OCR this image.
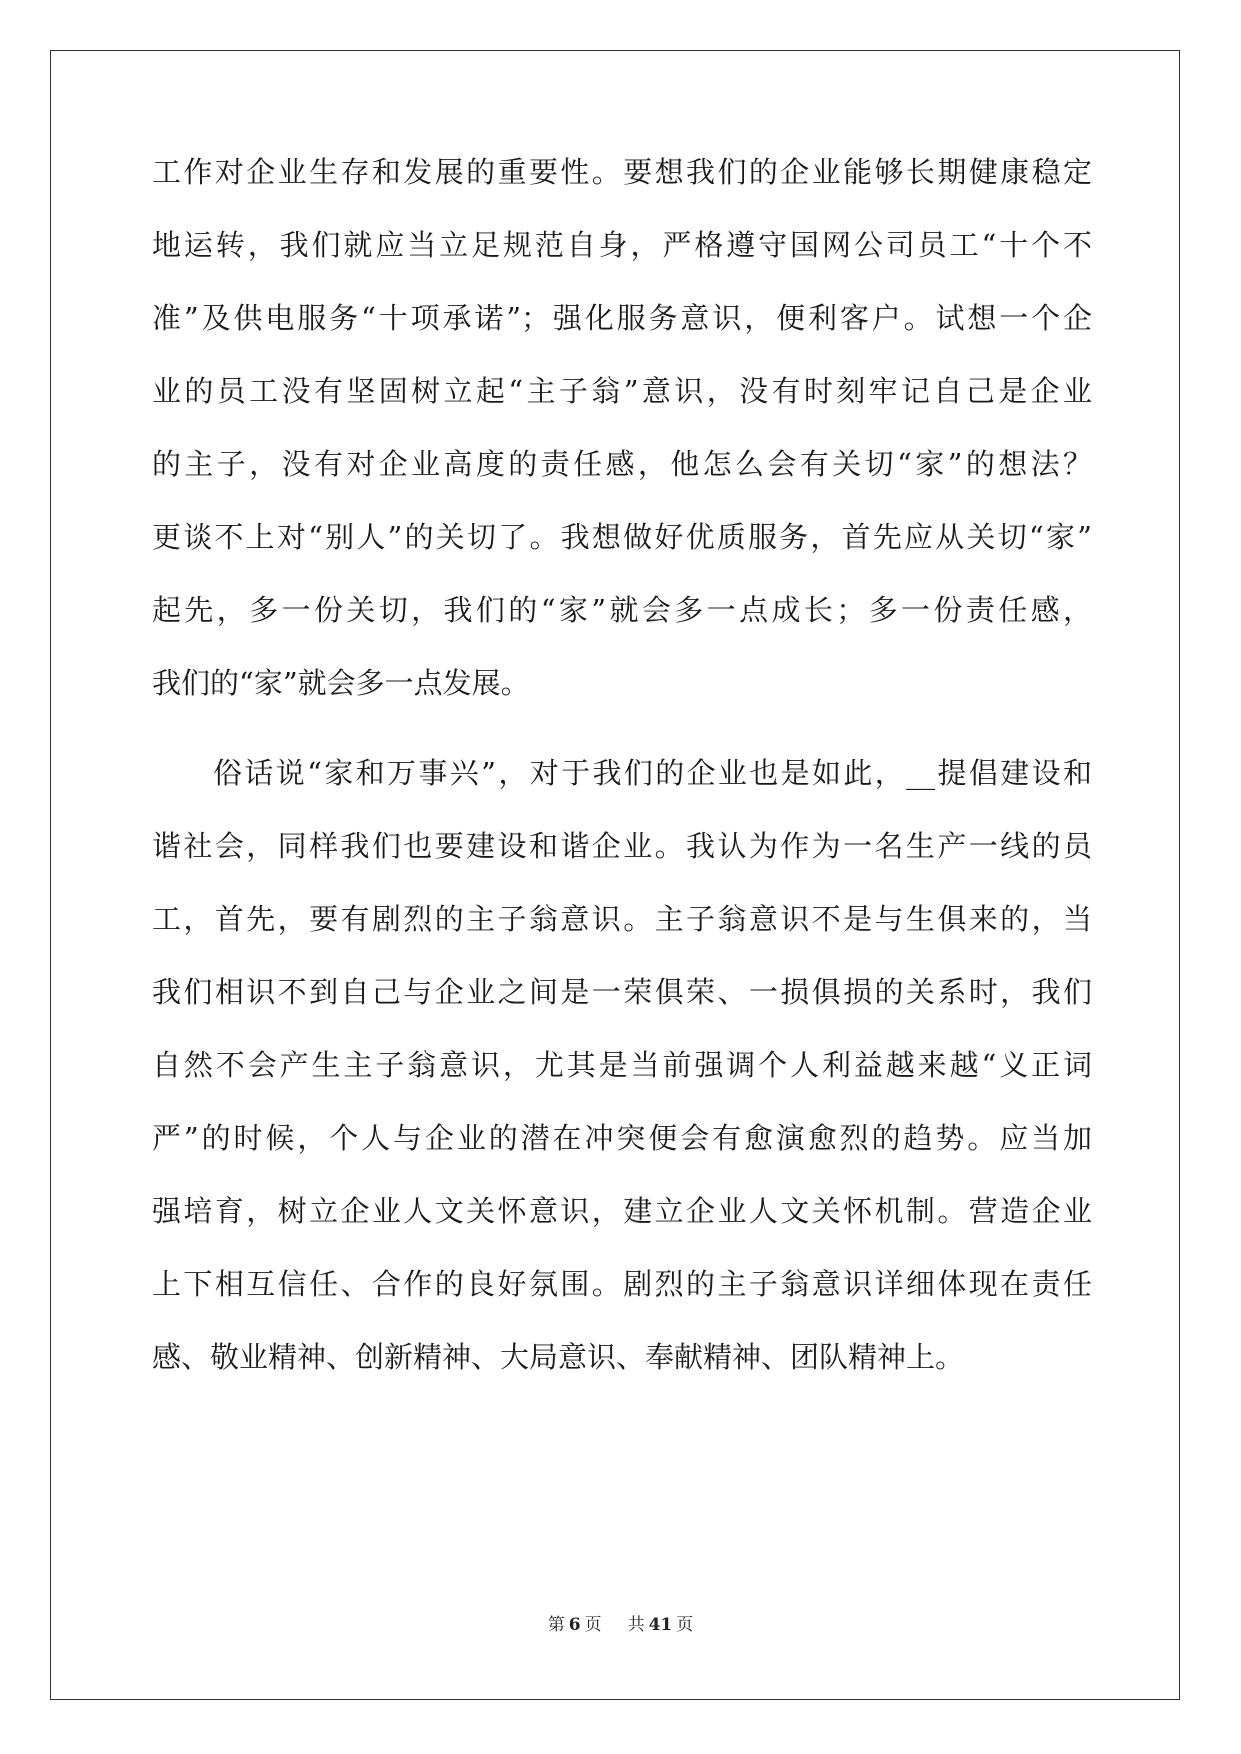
工作对企业生存和发展的重要性。要想我们的企业能够长期健康稳定
地运转，我们就应当立足规范自身，严格遵守国网公司员工“十个不
准”及供电服务“十项承诺”；强化服务意识，便利客户。试想一个企
业的员工没有坚固树立起“主子翁”意识，没有时刻牢记自己是企业
的主子，没有对企业高度的责任感，他怎么会有关切“家”的想法？
更谈不上对“别人”的关切了。我想做好优质服务，首先应从关切“家”
起先，多一份关切，我们的“家”就会多一点成长；多一份责任感，
我们的“家”就会多一点发展。
俗话说“家和万事兴”，对于我们的企业也是如此，__提倡建设和
谐社会，同样我们也要建设和谐企业。我认为作为一名生产一线的员
工，首先，要有剧烈的主子翁意识。主子翁意识不是与生俱来的，当
我们相识不到自己与企业之间是一荣俱荣、一损俱损的关系时，我们
自然不会产生主子翁意识，尤其是当前强调个人利益越来越“义正词
严”的时候，个人与企业的潜在冲突便会有愈演愈烈的趋势。应当加
强培育，树立企业人文关怀意识，建立企业人文关怀机制。营造企业
上下相互信任、合作的良好氛围。剧烈的主子翁意识详细体现在责任
感、敬业精神、创新精神、大局意识、奉献精神、团队精神上。
第 6 页 共 41 页
